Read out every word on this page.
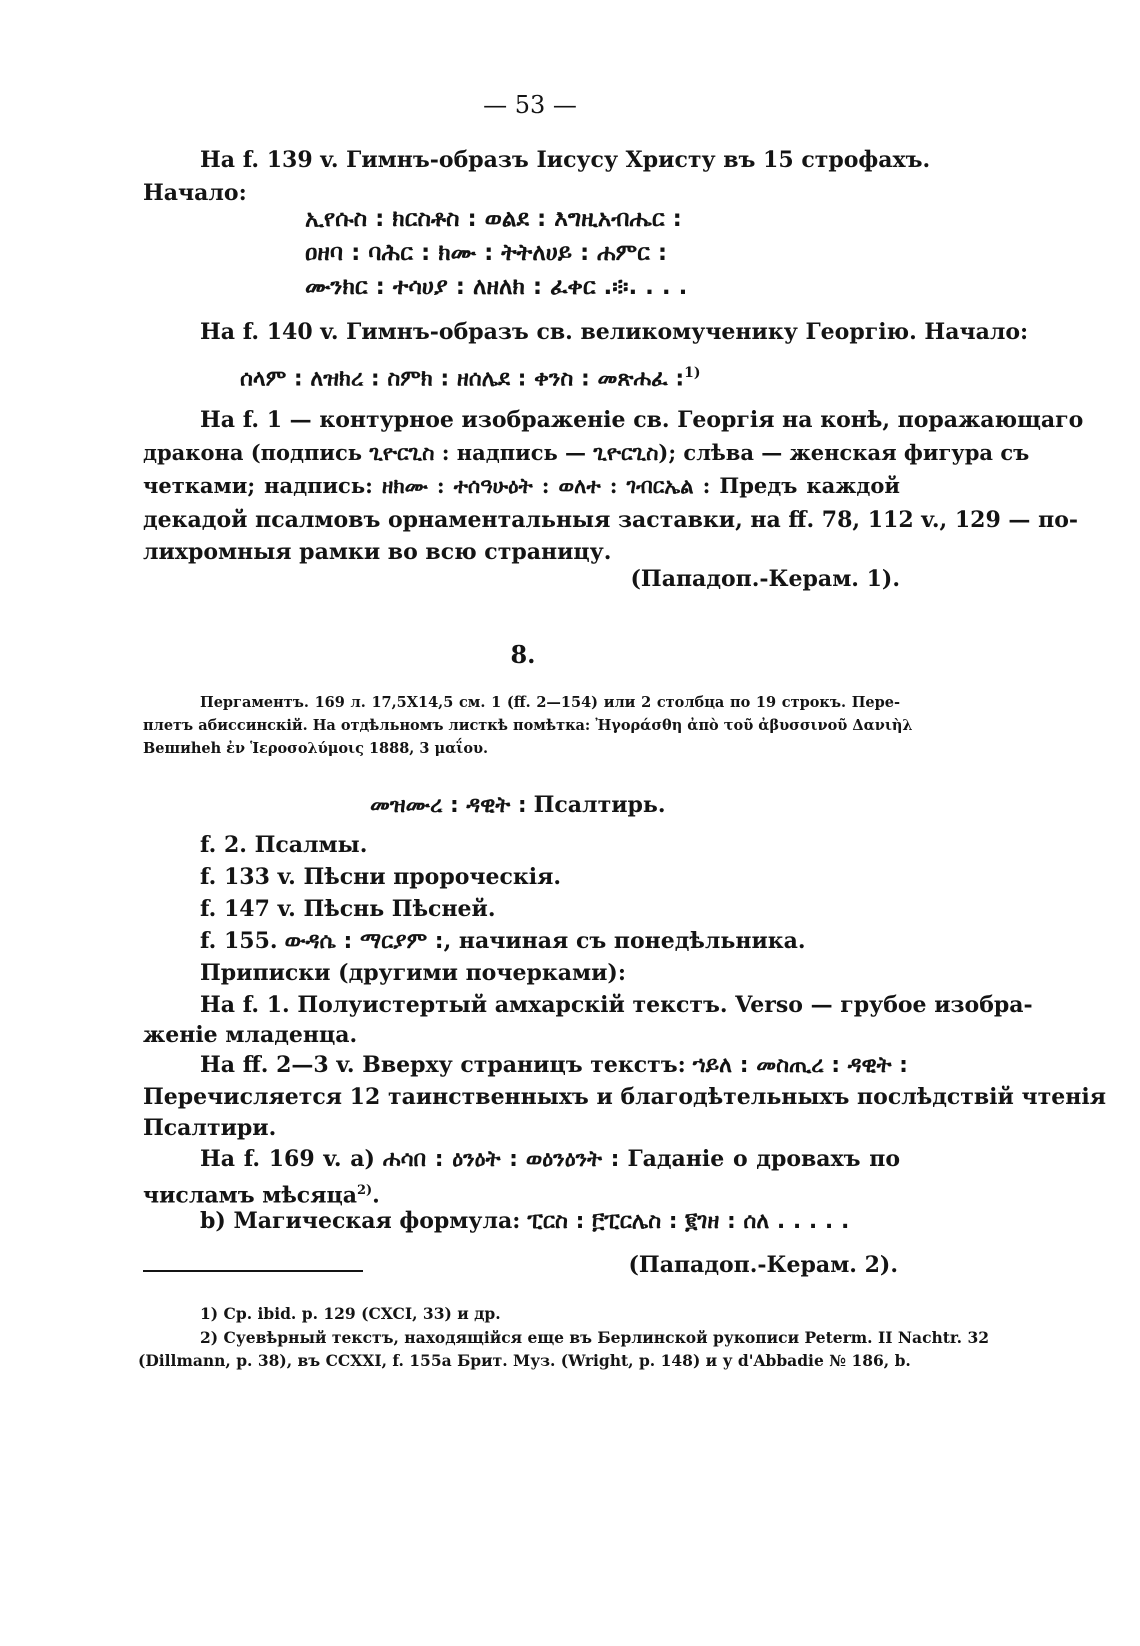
— 53 —
На f. 139 v. Гимнъ-образъ Iисусу Христу въ 15 строфахъ.
Начало:
ኢየሱስ : ክርስቶስ : ወልደ : እግዚአብሔር :
ዐዘባ : ባሕር : ክሙ : ትትለሀይ : ሐምር :
ሙንክር : ተሳሀያ : ለዘለክ : ፈቀር .፨. . . .
На f. 140 v. Гимнъ-образъ св. великомученику Георгію. Начало:
ሰላም : ለዝክረ : ስምክ : ዘሰሌደ : ቀንስ : መጽሐፈ :$^{1)}$
На f. 1 — контурное изображеніе св. Георгія на конѣ, поражающаго
дракона (подпись ጊዮርጊስ : надпись — ጊዮርጊስ); слѣва — женская фигура съ
четками; надпись: ዘክሙ : ተሰዓሁዕት : ወለተ : ገብርኤል : Предъ каждой
декадой псалмовъ орнаментальныя заставки, на ff. 78, 112 v., 129 — по-
лихромныя рамки во всю страницу.
(Пападоп.-Керам. 1).
8.
Пергаментъ. 169 л. 17,5Х14,5 см. 1 (ff. 2—154) или 2 столбца по 19 строкъ. Пере-
плетъ абиссинскій. На отдѣльномъ листкѣ помѣтка: Ἠγοράσθη ἀπὸ τοῦ ἀβυσσινοῦ Δανιὴλ
Beшиheh ἐν Ἱεροσολύμοις 1888, 3 μαΐου.
መዝሙረ : ዳዊት : Псалтирь.
f. 2. Псалмы.
f. 133 v. Пѣсни пророческія.
f. 147 v. Пѣснь Пѣсней.
f. 155. ውዳሴ : ማርያም :, начиная съ понедѣльника.
Приписки (другими почерками):
На f. 1. Полуистертый амхарскій текстъ. Verso — грубое изобра-
женіе младенца.
На ff. 2—3 v. Вверху страницъ текстъ: ኀይለ : መስጢረ : ዳዊት :
Перечисляется 12 таинственныхъ и благодѣтельныхъ послѣдствій чтенія
Псалтири.
На f. 169 v. a) ሐሳበ : ዕንዕት : ወዕንዕንት : Гаданіе о дровахъ по
числамъ мѣсяца$^{2)}$.
b) Магическая формула: ፒርስ : ፫ፒርሌስ : ፪ገዘ : ሰለ . . . . .
(Пападоп.-Керам. 2).
1) Ср. ibid. p. 129 (CXCI, 33) и др.
2) Суевѣрный текстъ, находящійся еще въ Берлинской рукописи Peterm. II Nachtr. 32
(Dillmann, p. 38), въ CCXXI, f. 155a Брит. Муз. (Wright, p. 148) и у d'Abbadie № 186, b.
